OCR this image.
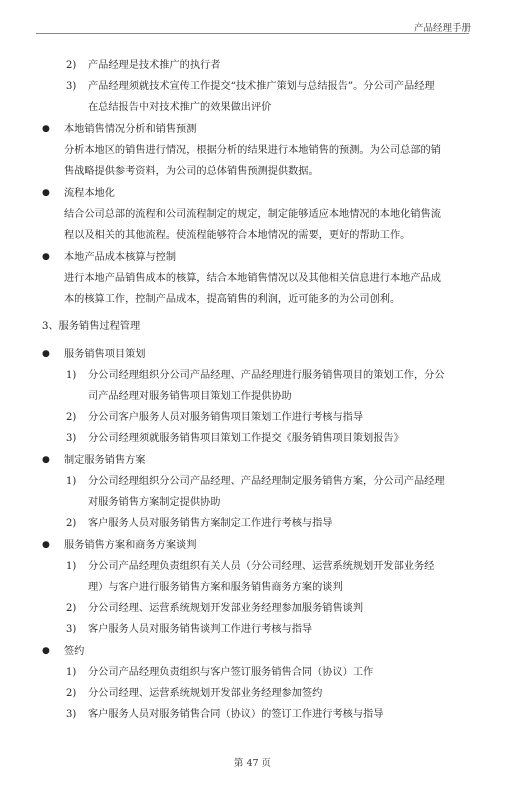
产品经理手册
2) 产品经理是技术推广的执行者
3) 产品经理须就技术宣传工作提交“技术推广策划与总结报告”。分公司产品经理
在总结报告中对技术推广的效果做出评价
● 本地销售情况分析和销售预测
分析本地区的销售进行情况，根据分析的结果进行本地销售的预测。为公司总部的销
售战略提供参考资料，为公司的总体销售预测提供数据。
● 流程本地化
结合公司总部的流程和公司流程制定的规定，制定能够适应本地情况的本地化销售流
程以及相关的其他流程。使流程能够符合本地情况的需要，更好的帮助工作。
● 本地产品成本核算与控制
进行本地产品销售成本的核算，结合本地销售情况以及其他相关信息进行本地产品成
本的核算工作，控制产品成本，提高销售的利润，近可能多的为公司创利。
3、服务销售过程管理
● 服务销售项目策划
1) 分公司经理组织分公司产品经理、产品经理进行服务销售项目的策划工作，分公
司产品经理对服务销售项目策划工作提供协助
2) 分公司客户服务人员对服务销售项目策划工作进行考核与指导
3) 分公司经理须就服务销售项目策划工作提交《服务销售项目策划报告》
● 制定服务销售方案
1) 分公司经理组织分公司产品经理、产品经理制定服务销售方案，分公司产品经理
对服务销售方案制定提供协助
2) 客户服务人员对服务销售方案制定工作进行考核与指导
● 服务销售方案和商务方案谈判
1) 分公司产品经理负责组织有关人员（分公司经理、运营系统规划开发部业务经
理）与客户进行服务销售方案和服务销售商务方案的谈判
2) 分公司经理、运营系统规划开发部业务经理参加服务销售谈判
3) 客户服务人员对服务销售谈判工作进行考核与指导
● 签约
1) 分公司产品经理负责组织与客户签订服务销售合同（协议）工作
2) 分公司经理、运营系统规划开发部业务经理参加签约
3) 客户服务人员对服务销售合同（协议）的签订工作进行考核与指导
第 47 页
